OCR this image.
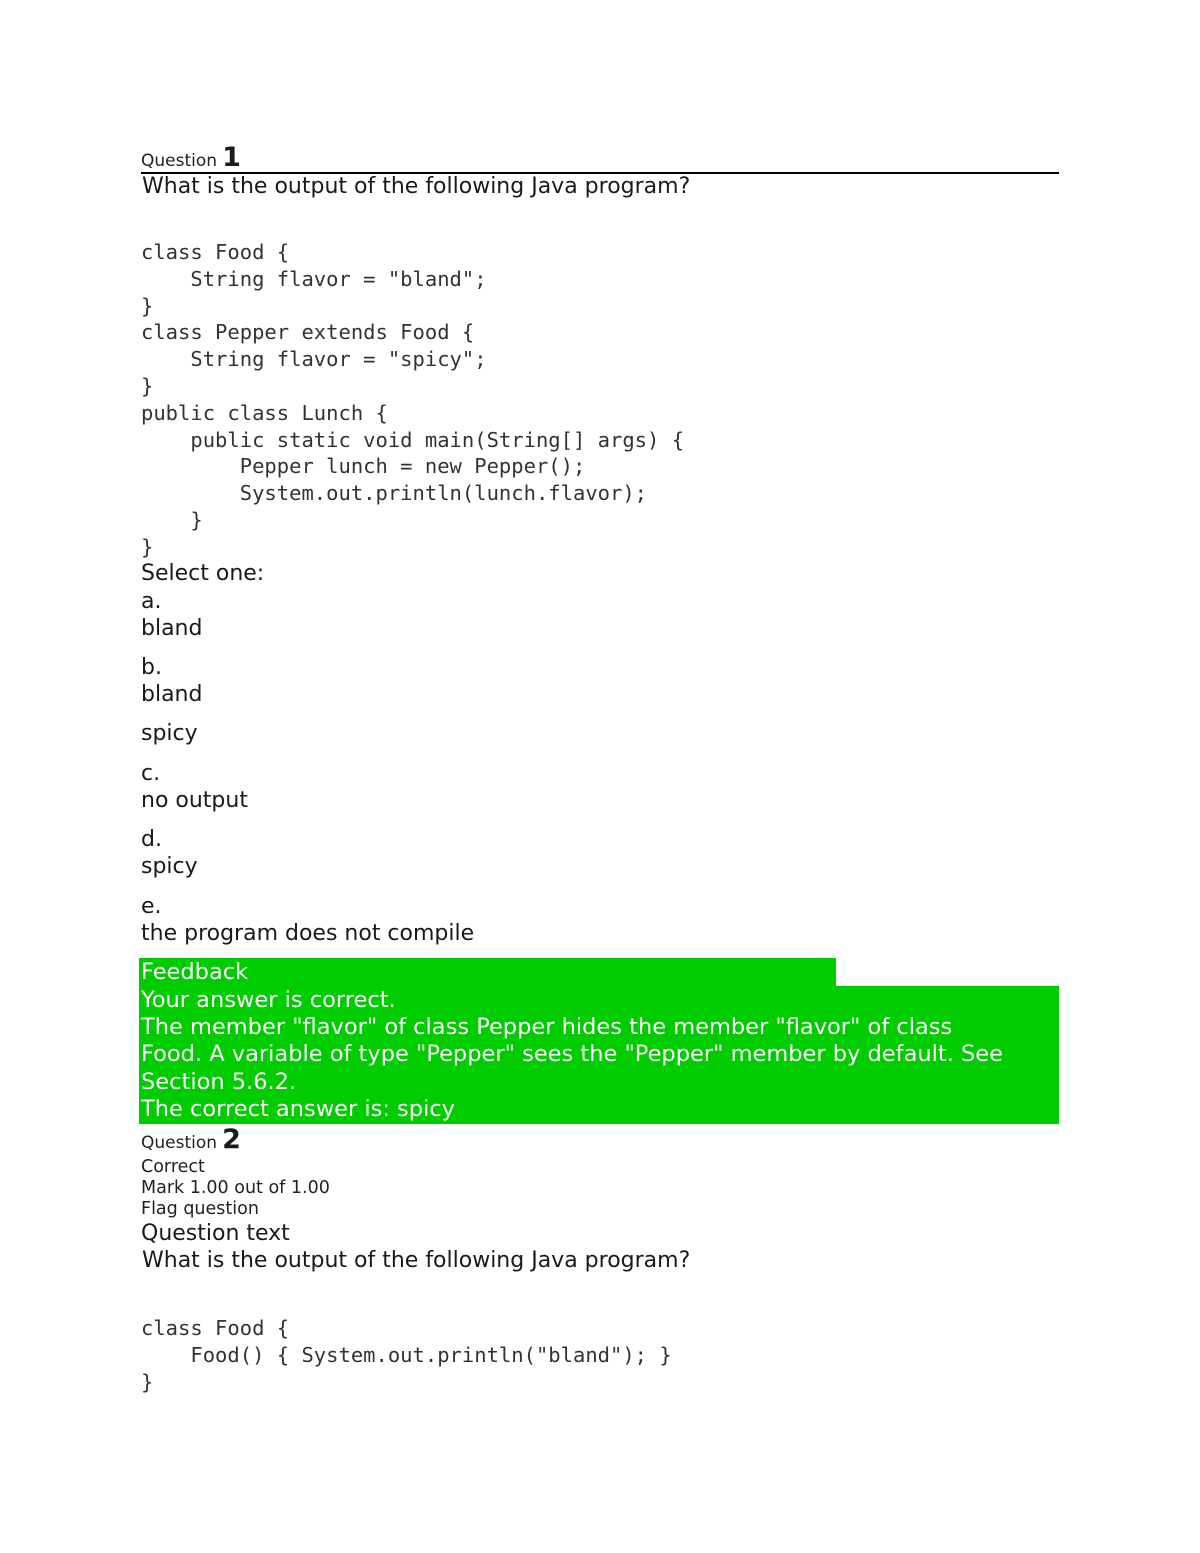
Question 1
What is the output of the following Java program?
class Food {
String flavor = "bland";
}
class Pepper extends Food {
String flavor = "spicy";
}
public class Lunch {
public static void main(String[] args) {
Pepper lunch = new Pepper();
System.out.println(lunch.flavor);
}
}
Select one:
a.
bland
b.
bland
spicy
c.
no output
d.
spicy
e.
the program does not compile
Feedback
Your answer is correct.
The member "flavor" of class Pepper hides the member "flavor" of class
Food. A variable of type "Pepper" sees the "Pepper" member by default. See
Section 5.6.2.
The correct answer is: spicy
Question 2
Correct
Mark 1.00 out of 1.00
Flag question
Question text
What is the output of the following Java program?
class Food {
Food() { System.out.println("bland"); }
}
